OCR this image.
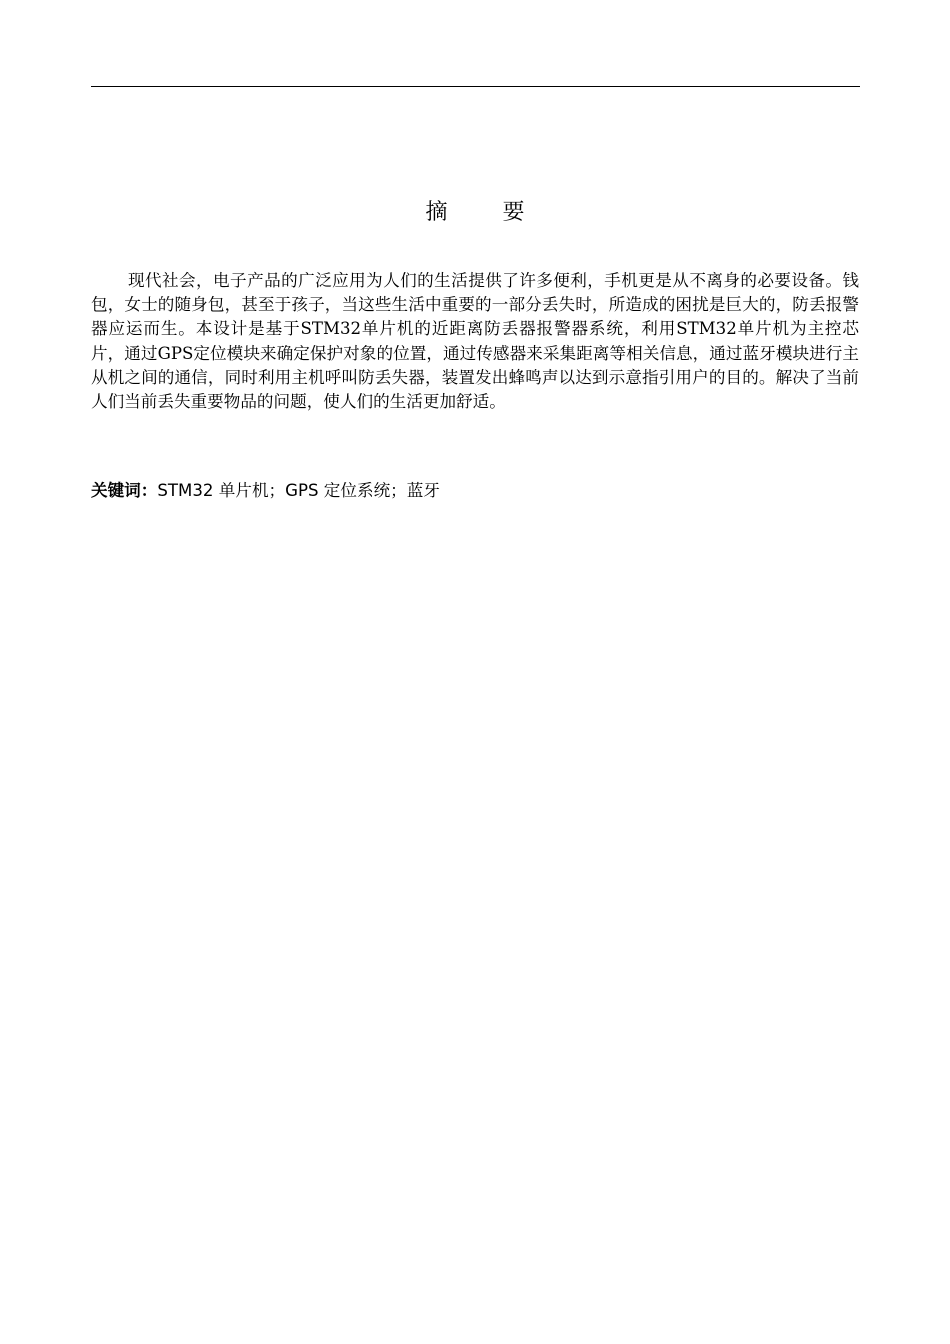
摘 要

现代社会，电子产品的广泛应用为人们的生活提供了许多便利，手机更是从不离身的必要设备。钱包，女士的随身包，甚至于孩子，当这些生活中重要的一部分丢失时，所造成的困扰是巨大的，防丢报警器应运而生。本设计是基于STM32单片机的近距离防丢器报警器系统，利用STM32单片机为主控芯片，通过GPS定位模块来确定保护对象的位置，通过传感器来采集距离等相关信息，通过蓝牙模块进行主从机之间的通信，同时利用主机呼叫防丢失器，装置发出蜂鸣声以达到示意指引用户的目的。解决了当前人们当前丢失重要物品的问题，使人们的生活更加舒适。

关键词：STM32 单片机；GPS 定位系统；蓝牙
